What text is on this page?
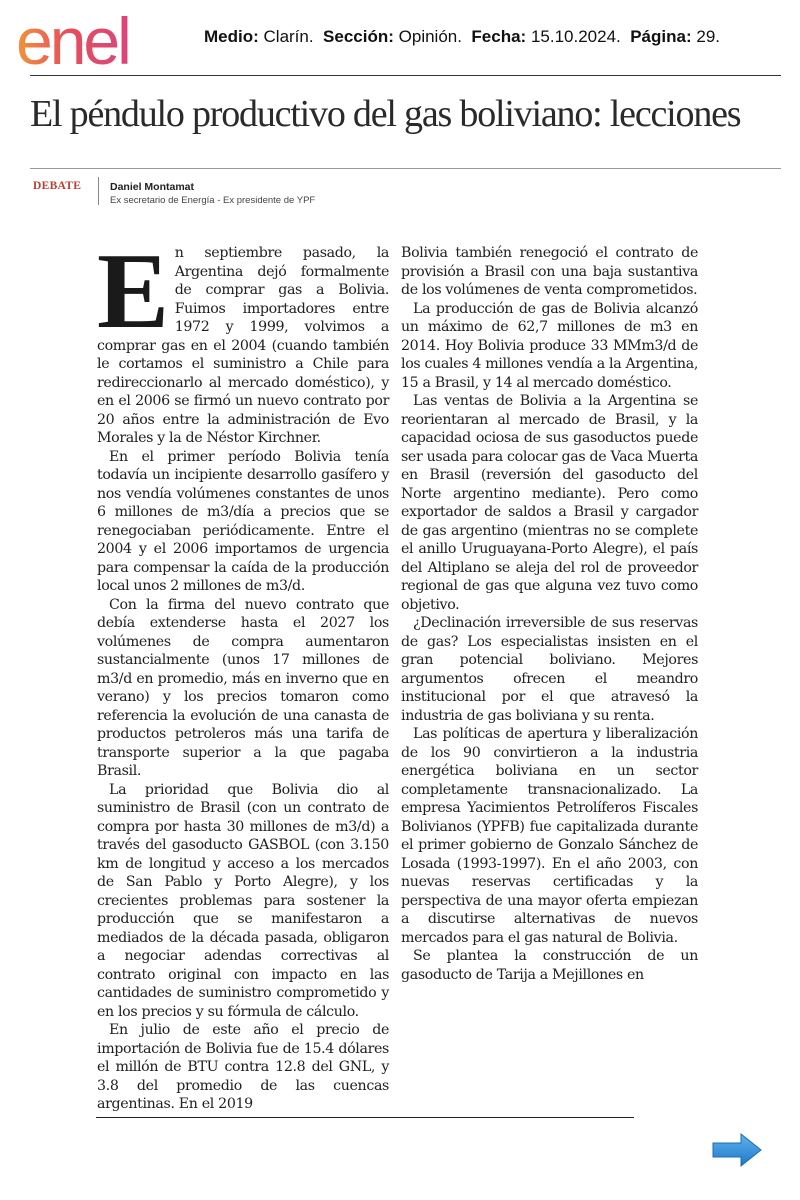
enel	Medio: Clarín. Sección: Opinión. Fecha: 15.10.2024. Página: 29.
El péndulo productivo del gas boliviano: lecciones
DEBATE	Daniel Montamat
Ex secretario de Energía - Ex presidente de YPF
E n septiembre pasado, la Argentina dejó formalmente de comprar gas a Bolivia. Fuimos importadores entre 1972 y 1999, volvimos a comprar gas en el 2004 (cuando también le cortamos el suministro a Chile para redireccionarlo al mercado doméstico), y en el 2006 se firmó un nuevo contrato por 20 años entre la administración de Evo Morales y la de Néstor Kirchner.

En el primer período Bolivia tenía todavía un incipiente desarrollo gasífero y nos vendía volúmenes constantes de unos 6 millones de m3/día a precios que se renegociaban periódicamente. Entre el 2004 y el 2006 importamos de urgencia para compensar la caída de la producción local unos 2 millones de m3/d.

Con la firma del nuevo contrato que debía extenderse hasta el 2027 los volúmenes de compra aumentaron sustancialmente (unos 17 millones de m3/d en promedio, más en inverno que en verano) y los precios tomaron como referencia la evolución de una canasta de productos petroleros más una tarifa de transporte superior a la que pagaba Brasil.

La prioridad que Bolivia dio al suministro de Brasil (con un contrato de compra por hasta 30 millones de m3/d) a través del gasoducto GASBOL (con 3.150 km de longitud y acceso a los mercados de San Pablo y Porto Alegre), y los crecientes problemas para sostener la producción que se manifestaron a mediados de la década pasada, obligaron a negociar adendas correctivas al contrato original con impacto en las cantidades de suministro comprometido y en los precios y su fórmula de cálculo.

En julio de este año el precio de importación de Bolivia fue de 15.4 dólares el millón de BTU contra 12.8 del GNL, y 3.8 del promedio de las cuencas argentinas. En el 2019

Bolivia también renegoció el contrato de provisión a Brasil con una baja sustantiva de los volúmenes de venta comprometidos.

La producción de gas de Bolivia alcanzó un máximo de 62,7 millones de m3 en 2014. Hoy Bolivia produce 33 MMm3/d de los cuales 4 millones vendía a la Argentina, 15 a Brasil, y 14 al mercado doméstico.

Las ventas de Bolivia a la Argentina se reorientaran al mercado de Brasil, y la capacidad ociosa de sus gasoductos puede ser usada para colocar gas de Vaca Muerta en Brasil (reversión del gasoducto del Norte argentino mediante). Pero como exportador de saldos a Brasil y cargador de gas argentino (mientras no se complete el anillo Uruguayana-Porto Alegre), el país del Altiplano se aleja del rol de proveedor regional de gas que alguna vez tuvo como objetivo.

¿Declinación irreversible de sus reservas de gas? Los especialistas insisten en el gran potencial boliviano. Mejores argumentos ofrecen el meandro institucional por el que atravesó la industria de gas boliviana y su renta.

Las políticas de apertura y liberalización de los 90 convirtieron a la industria energética boliviana en un sector completamente transnacionalizado. La empresa Yacimientos Petrolíferos Fiscales Bolivianos (YPFB) fue capitalizada durante el primer gobierno de Gonzalo Sánchez de Losada (1993-1997). En el año 2003, con nuevas reservas certificadas y la perspectiva de una mayor oferta empiezan a discutirse alternativas de nuevos mercados para el gas natural de Bolivia.

Se plantea la construcción de un gasoducto de Tarija a Mejillones en
